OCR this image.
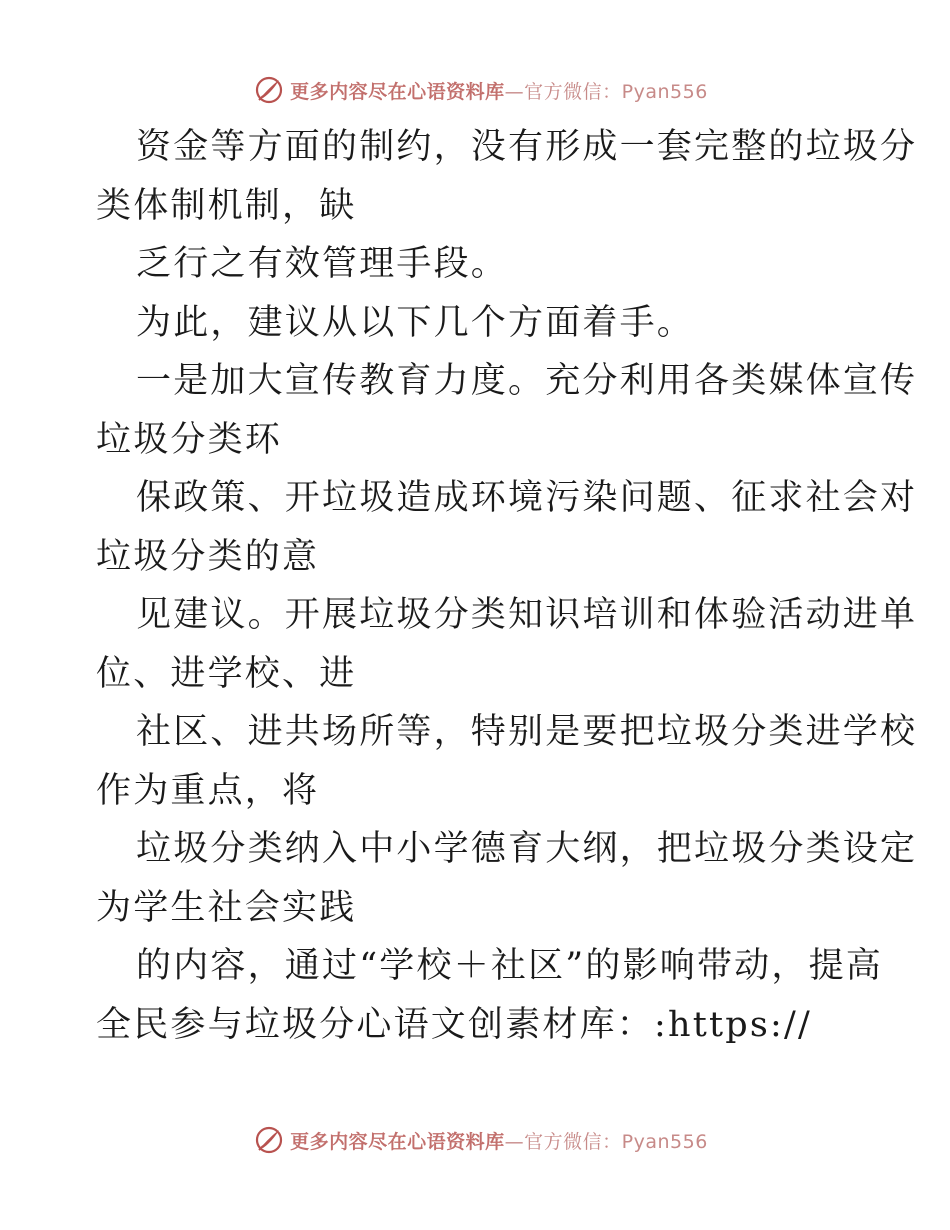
更多内容尽在心语资料库—官方微信：Pyan556
资金等方面的制约，没有形成一套完整的垃圾分
类体制机制，缺
乏行之有效管理手段。
为此，建议从以下几个方面着手。
一是加大宣传教育力度。充分利用各类媒体宣传
垃圾分类环
保政策、开垃圾造成环境污染问题、征求社会对
垃圾分类的意
见建议。开展垃圾分类知识培训和体验活动进单
位、进学校、进
社区、进共场所等，特别是要把垃圾分类进学校
作为重点，将
垃圾分类纳入中小学德育大纲，把垃圾分类设定
为学生社会实践
的内容，通过“学校＋社区”的影响带动，提高
全民参与垃圾分心语文创素材库：:https://
更多内容尽在心语资料库—官方微信：Pyan556
